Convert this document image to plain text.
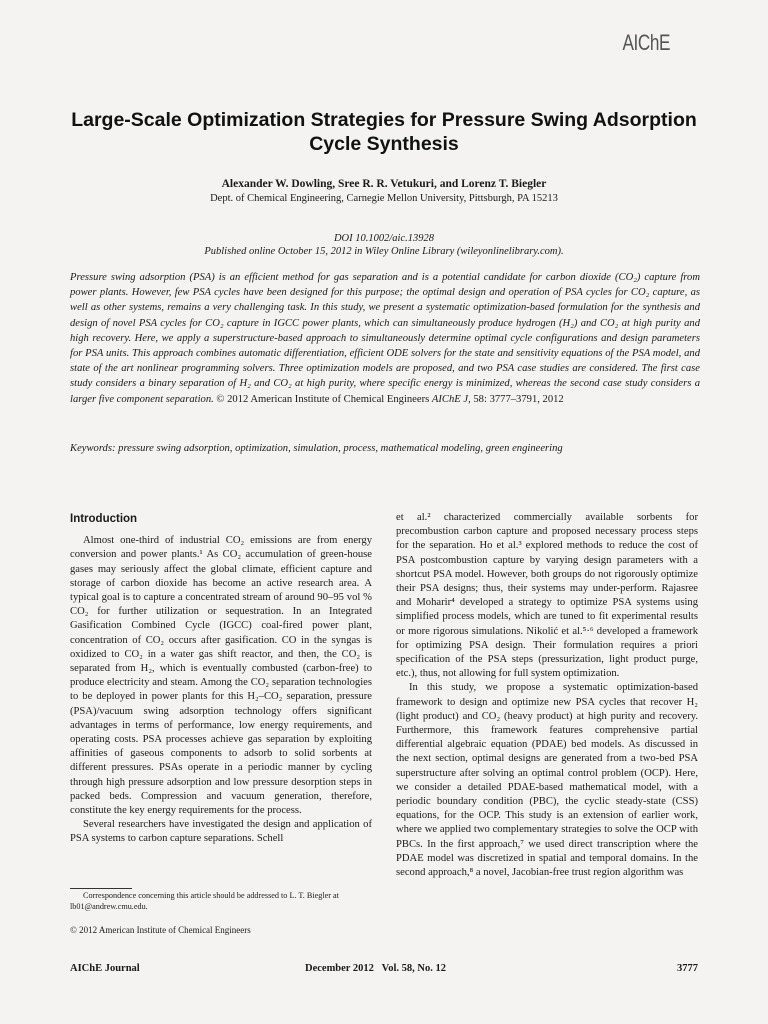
AIChE
Large-Scale Optimization Strategies for Pressure Swing Adsorption Cycle Synthesis
Alexander W. Dowling, Sree R. R. Vetukuri, and Lorenz T. Biegler
Dept. of Chemical Engineering, Carnegie Mellon University, Pittsburgh, PA 15213
DOI 10.1002/aic.13928
Published online October 15, 2012 in Wiley Online Library (wileyonlinelibrary.com).
Pressure swing adsorption (PSA) is an efficient method for gas separation and is a potential candidate for carbon dioxide (CO₂) capture from power plants. However, few PSA cycles have been designed for this purpose; the optimal design and operation of PSA cycles for CO₂ capture, as well as other systems, remains a very challenging task. In this study, we present a systematic optimization-based formulation for the synthesis and design of novel PSA cycles for CO₂ capture in IGCC power plants, which can simultaneously produce hydrogen (H₂) and CO₂ at high purity and high recovery. Here, we apply a superstructure-based approach to simultaneously determine optimal cycle configurations and design parameters for PSA units. This approach combines automatic differentiation, efficient ODE solvers for the state and sensitivity equations of the PSA model, and state of the art nonlinear programming solvers. Three optimization models are proposed, and two PSA case studies are considered. The first case study considers a binary separation of H₂ and CO₂ at high purity, where specific energy is minimized, whereas the second case study considers a larger five component separation. © 2012 American Institute of Chemical Engineers AIChE J, 58: 3777–3791, 2012
Keywords: pressure swing adsorption, optimization, simulation, process, mathematical modeling, green engineering
Introduction

Almost one-third of industrial CO₂ emissions are from energy conversion and power plants.¹ As CO₂ accumulation of green-house gases may seriously affect the global climate, efficient capture and storage of carbon dioxide has become an active research area. A typical goal is to capture a concentrated stream of around 90–95 vol % CO₂ for further utilization or sequestration. In an Integrated Gasification Combined Cycle (IGCC) coal-fired power plant, concentration of CO₂ occurs after gasification. CO in the syngas is oxidized to CO₂ in a water gas shift reactor, and then, the CO₂ is separated from H₂, which is eventually combusted (carbon-free) to produce electricity and steam. Among the CO₂ separation technologies to be deployed in power plants for this H₂–CO₂ separation, pressure (PSA)/vacuum swing adsorption technology offers significant advantages in terms of performance, low energy requirements, and operating costs. PSA processes achieve gas separation by exploiting affinities of gaseous components to adsorb to solid sorbents at different pressures. PSAs operate in a periodic manner by cycling through high pressure adsorption and low pressure desorption steps in packed beds. Compression and vacuum generation, therefore, constitute the key energy requirements for the process.

Several researchers have investigated the design and application of PSA systems to carbon capture separations. Schell

et al.² characterized commercially available sorbents for precombustion carbon capture and proposed necessary process steps for the separation. Ho et al.³ explored methods to reduce the cost of PSA postcombustion capture by varying design parameters with a shortcut PSA model. However, both groups do not rigorously optimize their PSA designs; thus, their systems may under-perform. Rajasree and Moharir⁴ developed a strategy to optimize PSA systems using simplified process models, which are tuned to fit experimental results or more rigorous simulations. Nikolić et al.⁵·⁶ developed a framework for optimizing PSA design. Their formulation requires a priori specification of the PSA steps (pressurization, light product purge, etc.), thus, not allowing for full system optimization.

In this study, we propose a systematic optimization-based framework to design and optimize new PSA cycles that recover H₂ (light product) and CO₂ (heavy product) at high purity and recovery. Furthermore, this framework features comprehensive partial differential algebraic equation (PDAE) bed models. As discussed in the next section, optimal designs are generated from a two-bed PSA superstructure after solving an optimal control problem (OCP). Here, we consider a detailed PDAE-based mathematical model, with a periodic boundary condition (PBC), the cyclic steady-state (CSS) equations, for the OCP. This study is an extension of earlier work, where we applied two complementary strategies to solve the OCP with PBCs. In the first approach,⁷ we used direct transcription where the PDAE model was discretized in spatial and temporal domains. In the second approach,⁸ a novel, Jacobian-free trust region algorithm was

Correspondence concerning this article should be addressed to L. T. Biegler at lb01@andrew.cmu.edu.
© 2012 American Institute of Chemical Engineers
AIChE Journal	December 2012   Vol. 58, No. 12	3777
